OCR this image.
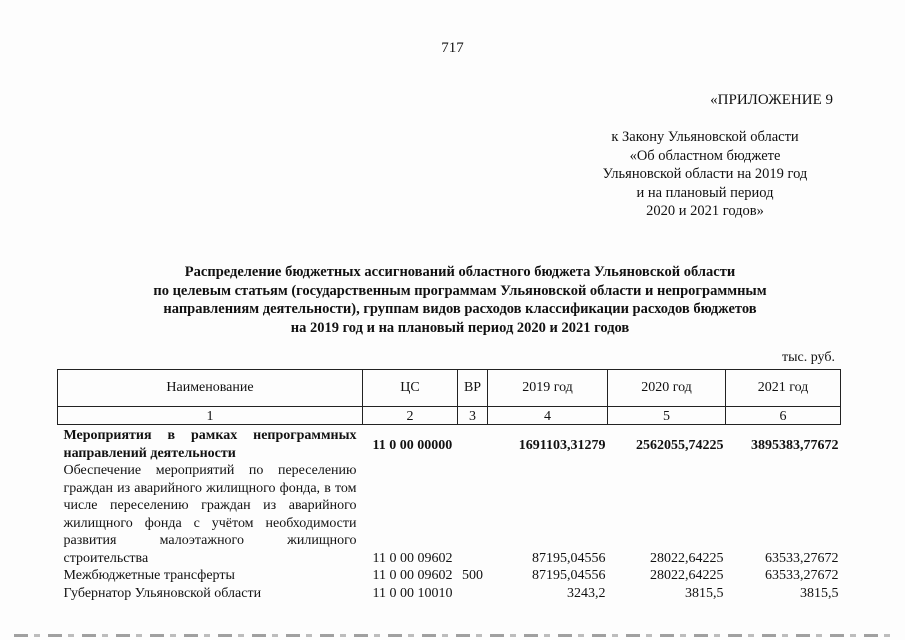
717
«ПРИЛОЖЕНИЕ 9
к Закону Ульяновской области
«Об областном бюджете
Ульяновской области на 2019 год
и на плановый период
2020 и 2021 годов»
Распределение бюджетных ассигнований областного бюджета Ульяновской области
по целевым статьям (государственным программам Ульяновской области и непрограммным
направлениям деятельности), группам видов расходов классификации расходов бюджетов
на 2019 год и на плановый период 2020 и 2021 годов
тыс. руб.
Наименование	ЦС	ВР	2019 год	2020 год	2021 год
1	2	3	4	5	6
Мероприятия в рамках непрограммных направлений деятельности	11 0 00 00000		1691103,31279	2562055,74225	3895383,77672
Обеспечение мероприятий по переселению граждан из аварийного жилищного фонда, в том числе переселению граждан из аварийного жилищного фонда с учётом необходимости развития малоэтажного жилищного строительства	11 0 00 09602		87195,04556	28022,64225	63533,27672
Межбюджетные трансферты	11 0 00 09602	500	87195,04556	28022,64225	63533,27672
Губернатор Ульяновской области	11 0 00 10010		3243,2	3815,5	3815,5
